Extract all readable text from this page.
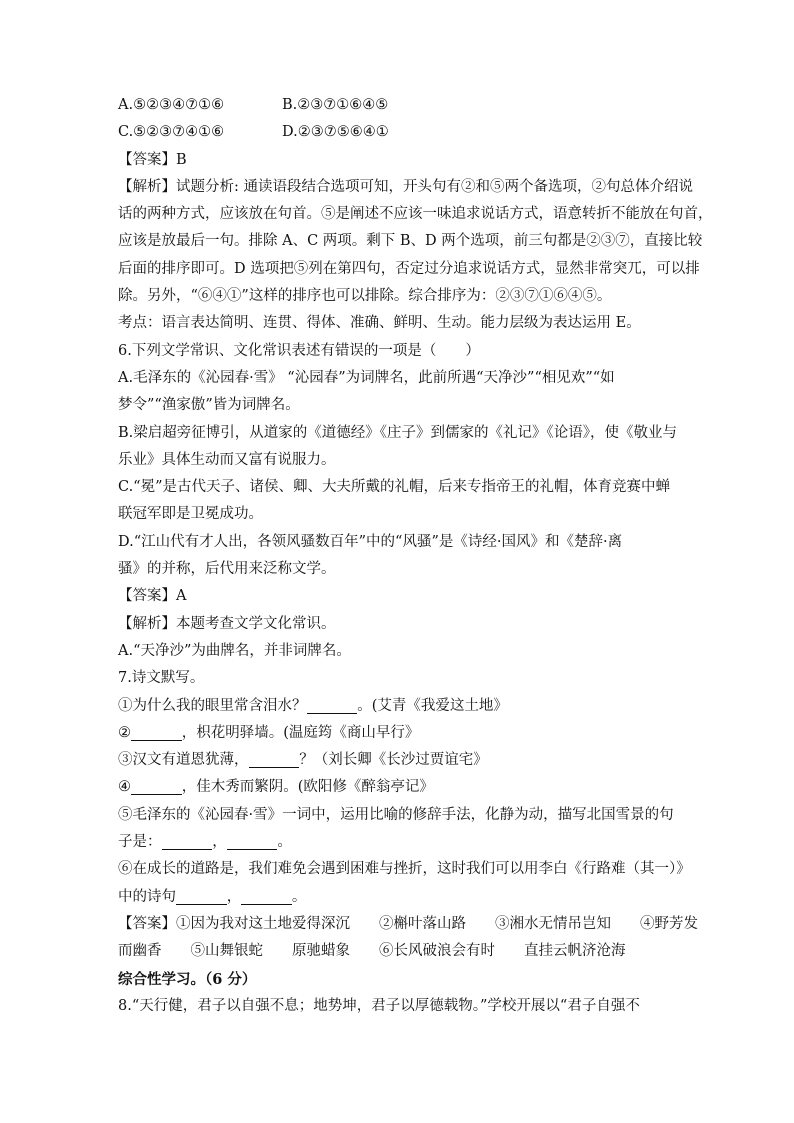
A.⑤②③④⑦①⑥	B.②③⑦①⑥④⑤
C.⑤②③⑦④①⑥	D.②③⑦⑤⑥④①
【答案】B
【解析】试题分析: 通读语段结合选项可知，开头句有②和⑤两个备选项，②句总体介绍说
话的两种方式，应该放在句首。⑤是阐述不应该一味追求说话方式，语意转折不能放在句首，
应该是放最后一句。排除 A、C 两项。剩下 B、D 两个选项，前三句都是②③⑦，直接比较
后面的排序即可。D 选项把⑤列在第四句，否定过分追求说话方式，显然非常突兀，可以排
除。另外，“⑥④①”这样的排序也可以排除。综合排序为：②③⑦①⑥④⑤。
考点：语言表达简明、连贯、得体、准确、鲜明、生动。能力层级为表达运用 E。
6.下列文学常识、文化常识表述有错误的一项是（　　）
A.毛泽东的《沁园春·雪》 “沁园春”为词牌名，此前所遇“天净沙”“相见欢”“如
梦令”“渔家傲”皆为词牌名。
B.梁启超旁征博引，从道家的《道德经》《庄子》到儒家的《礼记》《论语》，使《敬业与
乐业》具体生动而又富有说服力。
C.“冕”是古代天子、诸侯、卿、大夫所戴的礼帽，后来专指帝王的礼帽，体育竞赛中蝉
联冠军即是卫冕成功。
D.“江山代有才人出，各领风骚数百年”中的“风骚”是《诗经·国风》和《楚辞·离
骚》的并称，后代用来泛称文学。
【答案】A
【解析】本题考查文学文化常识。
A.“天净沙”为曲牌名，并非词牌名。
7.诗文默写。
①为什么我的眼里常含泪水？	。(艾青《我爱这土地》
②	，枳花明驿墙。(温庭筠《商山早行》
③汉文有道恩犹薄，	？（刘长卿《长沙过贾谊宅》
④	，佳木秀而繁阴。(欧阳修《醉翁亭记》
⑤毛泽东的《沁园春·雪》一词中，运用比喻的修辞手法，化静为动，描写北国雪景的句
子是：	，	。
⑥在成长的道路是，我们难免会遇到困难与挫折，这时我们可以用李白《行路难（其一）》
中的诗句	，	。
【答案】①因为我对这土地爱得深沉　　②槲叶落山路　　③湘水无情吊岂知　　④野芳发
而幽香　　⑤山舞银蛇　　原驰蜡象　　⑥长风破浪会有时　　直挂云帆济沧海
综合性学习。（6 分）
8.“天行健，君子以自强不息；地势坤，君子以厚德载物。”学校开展以“君子自强不
